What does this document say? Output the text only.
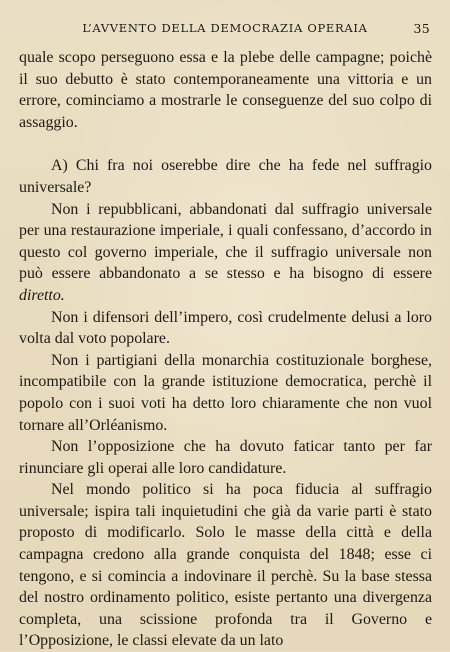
L’AVVENTO DELLA DEMOCRAZIA OPERAIA	35

quale scopo perseguono essa e la plebe delle campagne; poichè il suo debutto è stato contemporaneamente una vittoria e un errore, cominciamo a mostrarle le conseguenze del suo colpo di assaggio.

A) Chi fra noi oserebbe dire che ha fede nel suffragio universale?

Non i repubblicani, abbandonati dal suffragio universale per una restaurazione imperiale, i quali confessano, d’accordo in questo col governo imperiale, che il suffragio universale non può essere abbandonato a se stesso e ha bisogno di essere diretto.

Non i difensori dell’impero, così crudelmente delusi a loro volta dal voto popolare.

Non i partigiani della monarchia costituzionale borghese, incompatibile con la grande istituzione democratica, perchè il popolo con i suoi voti ha detto loro chiaramente che non vuol tornare all’Orléanismo.

Non l’opposizione che ha dovuto faticar tanto per far rinunciare gli operai alle loro candidature.

Nel mondo politico si ha poca fiducia al suffragio universale; ispira tali inquietudini che già da varie parti è stato proposto di modificarlo. Solo le masse della città e della campagna credono alla grande conquista del 1848; esse ci tengono, e si comincia a indovinare il perchè. Su la base stessa del nostro ordinamento politico, esiste pertanto una divergenza completa, una scissione profonda tra il Governo e l’Opposizione, le classi elevate da un lato
